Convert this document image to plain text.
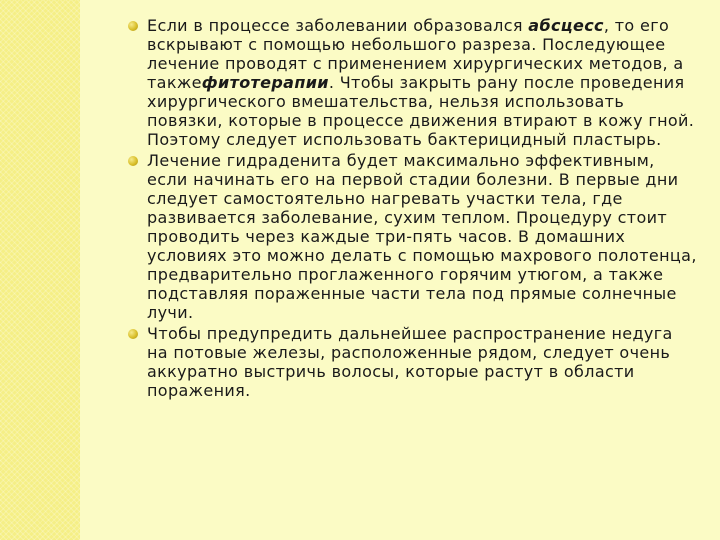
Если в процессе заболевании образовался абсцесс, то его вскрывают с помощью небольшого разреза. Последующее лечение проводят с применением хирургических методов, а такжефитотерапии. Чтобы закрыть рану после проведения хирургического вмешательства, нельзя использовать повязки, которые в процессе движения втирают в кожу гной. Поэтому следует использовать бактерицидный пластырь.
Лечение гидраденита будет максимально эффективным, если начинать его на первой стадии болезни. В первые дни следует самостоятельно нагревать участки тела, где развивается заболевание, сухим теплом. Процедуру стоит проводить через каждые три-пять часов. В домашних условиях это можно делать с помощью махрового полотенца, предварительно проглаженного горячим утюгом, а также подставляя пораженные части тела под прямые солнечные лучи.
Чтобы предупредить дальнейшее распространение недуга на потовые железы, расположенные рядом, следует очень аккуратно выстричь волосы, которые растут в области поражения.
